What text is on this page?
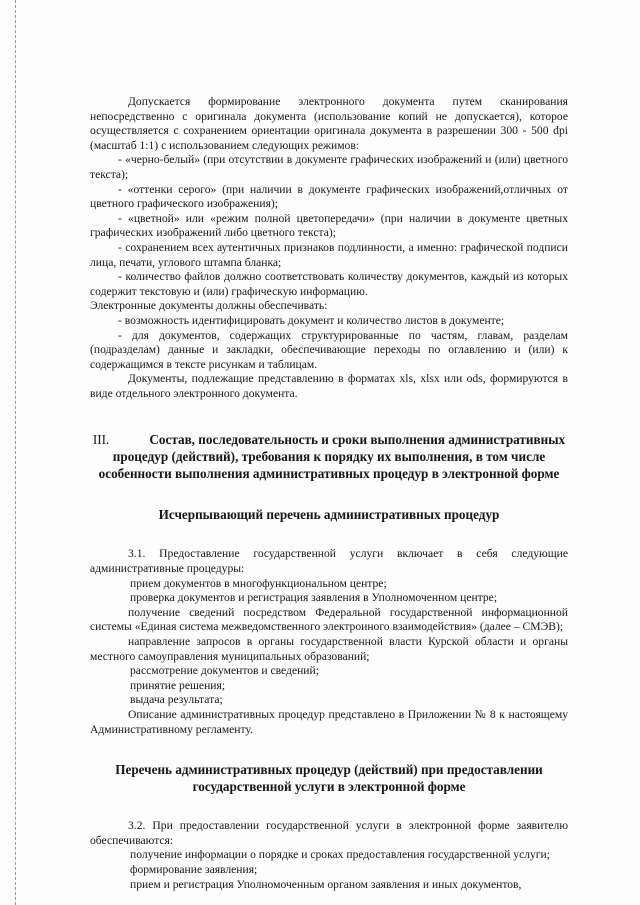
Допускается формирование электронного документа путем сканирования непосредственно с оригинала документа (использование копий не допускается), которое осуществляется с сохранением ориентации оригинала документа в разрешении 300 - 500 dpi (масштаб 1:1) с использованием следующих режимов:

- «черно-белый» (при отсутствии в документе графических изображений и (или) цветного текста);

- «оттенки серого» (при наличии в документе графических изображений,отличных от цветного графического изображения);

- «цветной» или «режим полной цветопередачи» (при наличии в документе цветных графических изображений либо цветного текста);

- сохранением всех аутентичных признаков подлинности, а именно: графической подписи лица, печати, углового штампа бланка;

- количество файлов должно соответствовать количеству документов, каждый из которых содержит текстовую и (или) графическую информацию.

Электронные документы должны обеспечивать:

- возможность идентифицировать документ и количество листов в документе;

- для документов, содержащих структурированные по частям, главам, разделам (подразделам) данные и закладки, обеспечивающие переходы по оглавлению и (или) к содержащимся в тексте рисункам и таблицам.

Документы, подлежащие представлению в форматах xls, xlsx или ods, формируются в виде отдельного электронного документа.

III.	Состав, последовательность и сроки выполнения административных процедур (действий), требования к порядку их выполнения, в том числе особенности выполнения административных процедур в электронной форме

Исчерпывающий перечень административных процедур

3.1. Предоставление государственной услуги включает в себя следующие административные процедуры:

прием документов в многофункциональном центре;

проверка документов и регистрация заявления в Уполномоченном центре;

получение сведений посредством Федеральной государственной информационной системы «Единая система межведомственного электроиного взаимодействия» (далее – СМЭВ);

направление запросов в органы государственной власти Курской области и органы местного самоуправления муниципальных образований;

рассмотрение документов и сведений;

принятие решения;

выдача результата;

Описание административных процедур представлено в Приложении № 8 к настоящему Административному регламенту.

Перечень административных процедур (действий) при предоставлении государственной услуги в электронной форме

3.2. При предоставлении государственной услуги в электронной форме заявителю обеспечиваются:

получение информации о порядке и сроках предоставления государственной услуги;

формирование заявления;

прием и регистрация Уполномоченным органом заявления и иных документов,
